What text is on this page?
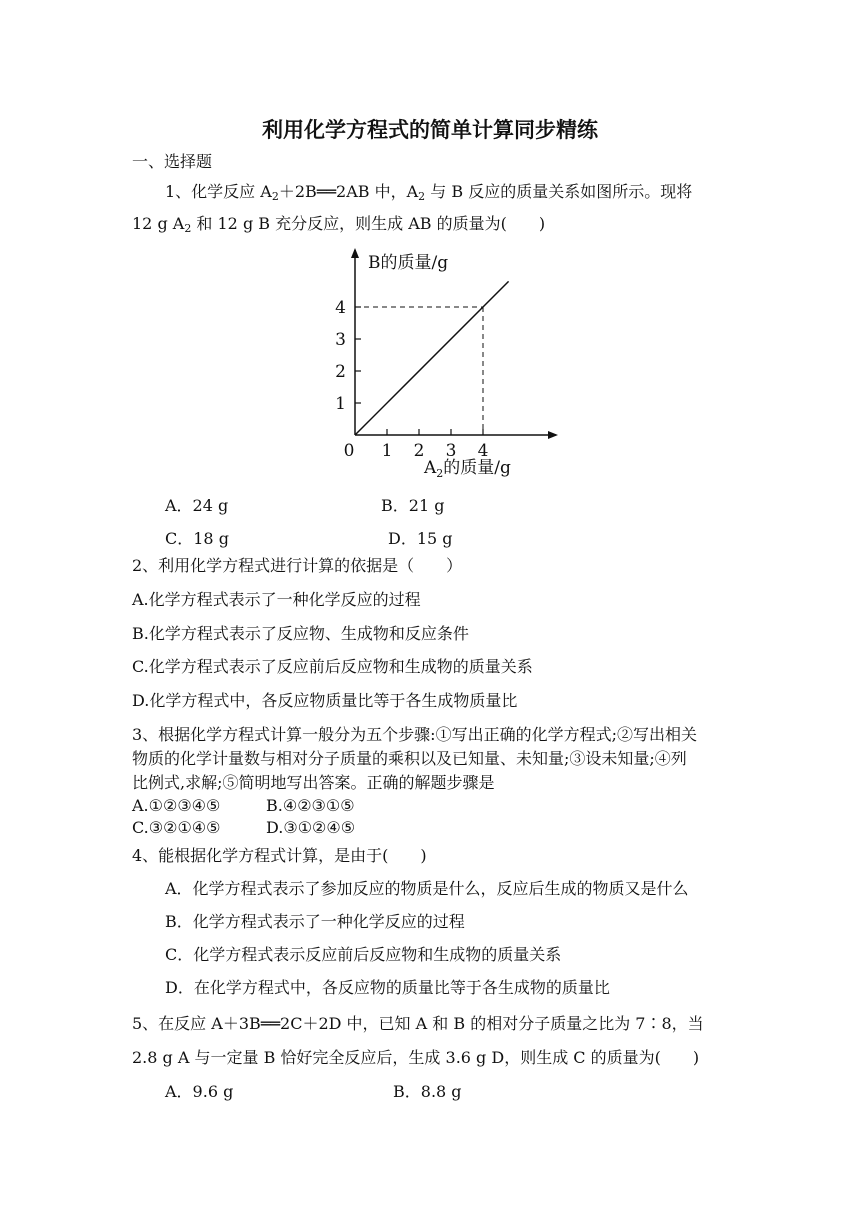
利用化学方程式的简单计算同步精练
一、选择题
1、化学反应 $A_2+2B══2AB$ 中，$A_2$ 与 B 反应的质量关系如图所示。现将
12 g $A_2$ 和 12 g B 充分反应，则生成 AB 的质量为(　　)
0 1 2 3 4
1
2
3
4
B的质量/g
$A_2$的质量/g
A．24 g	B．21 g
C．18 g	D．15 g
2、利用化学方程式进行计算的依据是（　　）
A.化学方程式表示了一种化学反应的过程
B.化学方程式表示了反应物、生成物和反应条件
C.化学方程式表示了反应前后反应物和生成物的质量关系
D.化学方程式中，各反应物质量比等于各生成物质量比
3、根据化学方程式计算一般分为五个步骤:①写出正确的化学方程式;②写出相关
物质的化学计量数与相对分子质量的乘积以及已知量、未知量;③设未知量;④列
比例式,求解;⑤简明地写出答案。正确的解题步骤是
A.①②③④⑤	B.④②③①⑤
C.③②①④⑤	D.③①②④⑤
4、能根据化学方程式计算，是由于(　　)
A．化学方程式表示了参加反应的物质是什么，反应后生成的物质又是什么
B．化学方程式表示了一种化学反应的过程
C．化学方程式表示反应前后反应物和生成物的质量关系
D．在化学方程式中，各反应物的质量比等于各生成物的质量比
5、在反应 A＋3B══2C＋2D 中，已知 A 和 B 的相对分子质量之比为 7∶8，当
2.8 g A 与一定量 B 恰好完全反应后，生成 3.6 g D，则生成 C 的质量为(　　)
A．9.6 g	B．8.8 g
